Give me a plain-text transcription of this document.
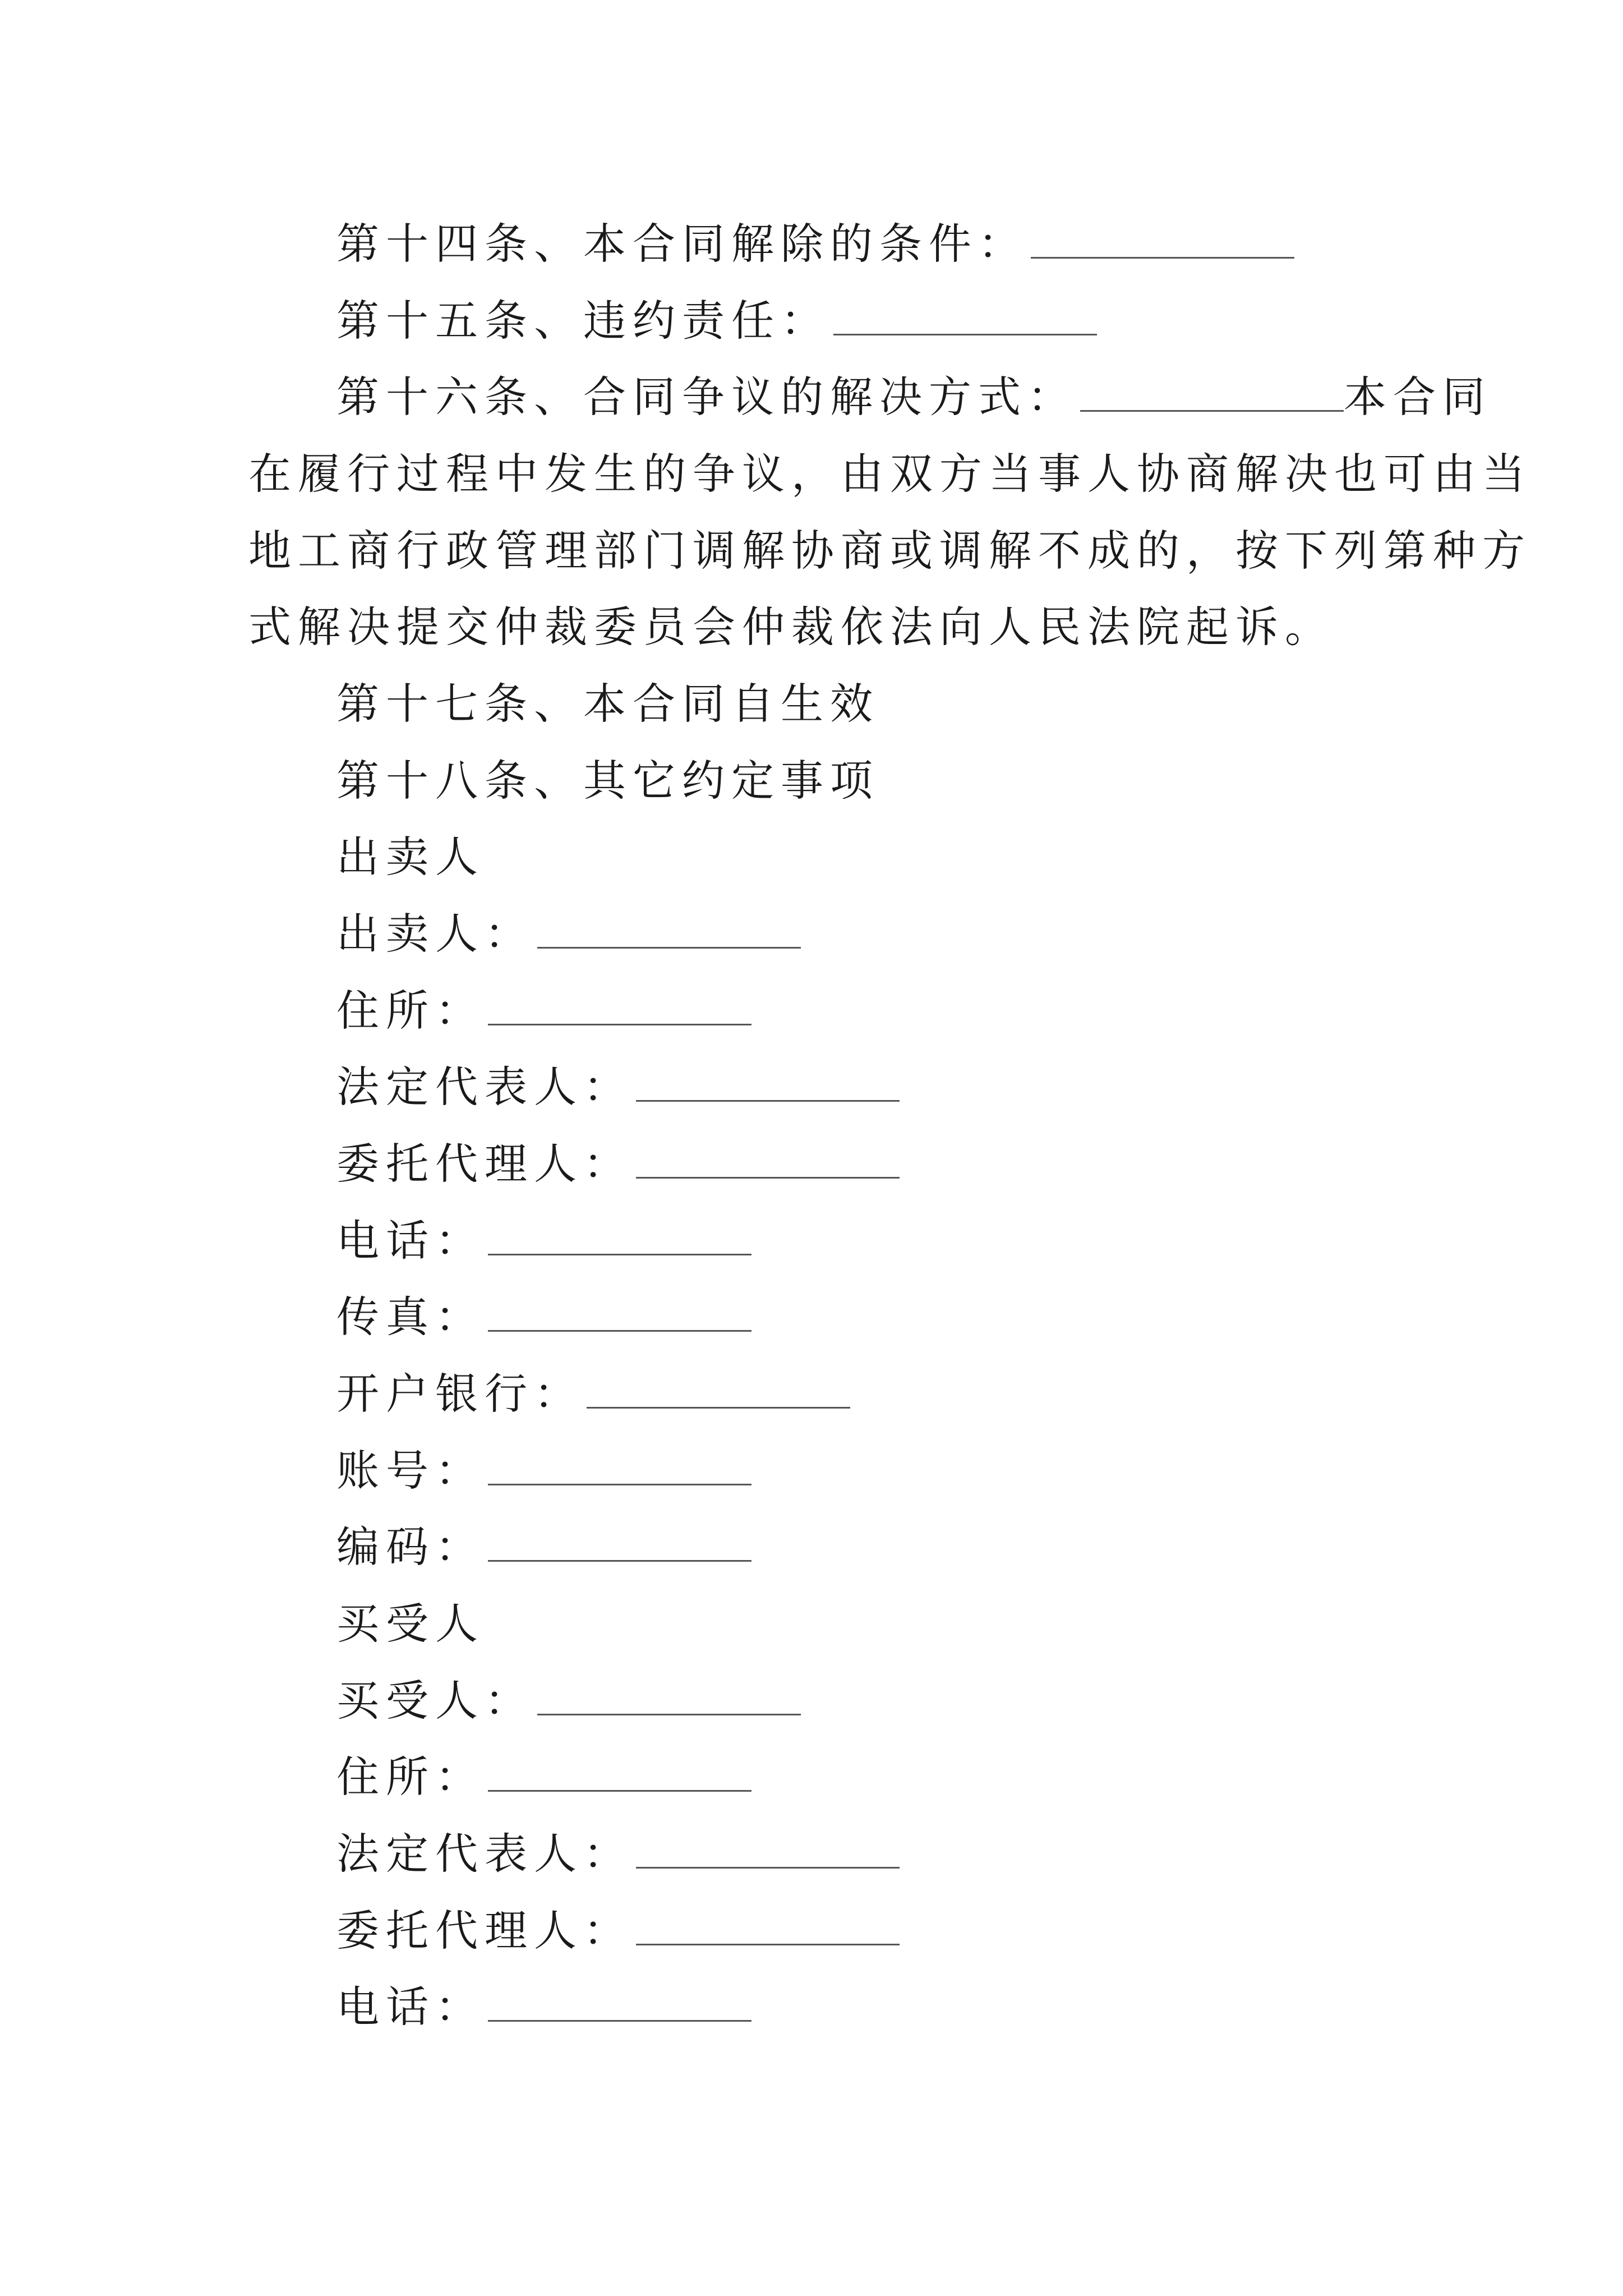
第十四条、本合同解除的条件：
第十五条、违约责任：
第十六条、合同争议的解决方式：	本合同
在履行过程中发生的争议，由双方当事人协商解决也可由当
地工商行政管理部门调解协商或调解不成的，按下列第种方
式解决提交仲裁委员会仲裁依法向人民法院起诉。
第十七条、本合同自生效
第十八条、其它约定事项
出卖人
出卖人：
住所：
法定代表人：
委托代理人：
电话：
传真：
开户银行：
账号：
编码：
买受人
买受人：
住所：
法定代表人：
委托代理人：
电话：
